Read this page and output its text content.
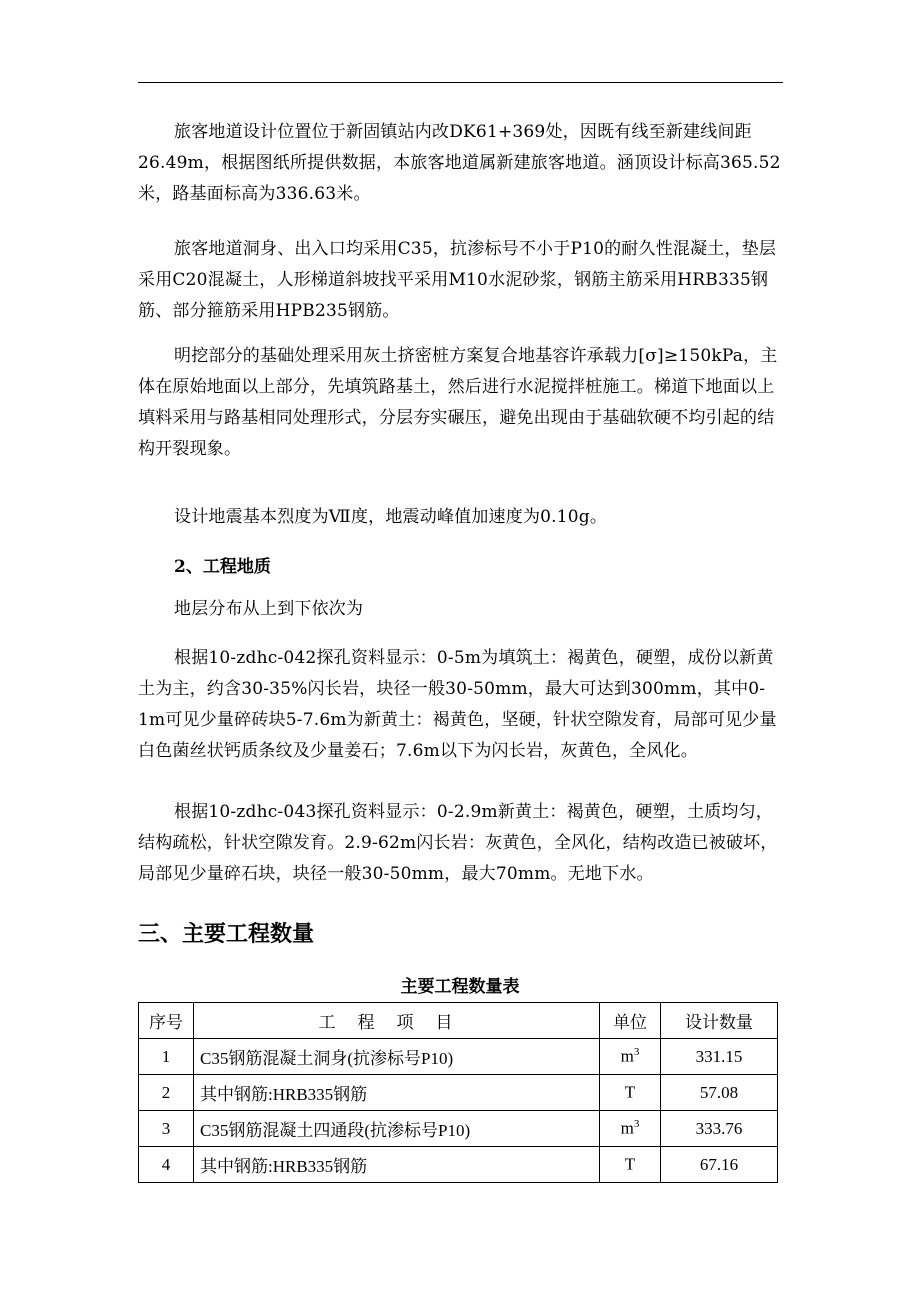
旅客地道设计位置位于新固镇站内改DK61+369处，因既有线至新建线间距26.49m，根据图纸所提供数据，本旅客地道属新建旅客地道。涵顶设计标高365.52米，路基面标高为336.63米。

旅客地道洞身、出入口均采用C35，抗渗标号不小于P10的耐久性混凝土，垫层采用C20混凝土，人形梯道斜坡找平采用M10水泥砂浆，钢筋主筋采用HRB335钢筋、部分箍筋采用HPB235钢筋。

明挖部分的基础处理采用灰土挤密桩方案复合地基容许承载力[σ]≥150kPa，主体在原始地面以上部分，先填筑路基土，然后进行水泥搅拌桩施工。梯道下地面以上填料采用与路基相同处理形式，分层夯实碾压，避免出现由于基础软硬不均引起的结构开裂现象。

设计地震基本烈度为Ⅶ度，地震动峰值加速度为0.10g。

2、工程地质

地层分布从上到下依次为

根据10-zdhc-042探孔资料显示：0-5m为填筑土：褐黄色，硬塑，成份以新黄土为主，约含30-35%闪长岩，块径一般30-50mm，最大可达到300mm，其中0-1m可见少量碎砖块5-7.6m为新黄土：褐黄色，坚硬，针状空隙发育，局部可见少量白色菌丝状钙质条纹及少量姜石；7.6m以下为闪长岩，灰黄色，全风化。

根据10-zdhc-043探孔资料显示：0-2.9m新黄土：褐黄色，硬塑，土质均匀，结构疏松，针状空隙发育。2.9-62m闪长岩：灰黄色，全风化，结构改造已被破坏，局部见少量碎石块，块径一般30-50mm，最大70mm。无地下水。

三、主要工程数量

主要工程数量表

序号	工程项目	单位	设计数量
1	C35钢筋混凝土洞身(抗渗标号P10)	$m^3$	331.15
2	其中钢筋:HRB335钢筋	T	57.08
3	C35钢筋混凝土四通段(抗渗标号P10)	$m^3$	333.76
4	其中钢筋:HRB335钢筋	T	67.16
